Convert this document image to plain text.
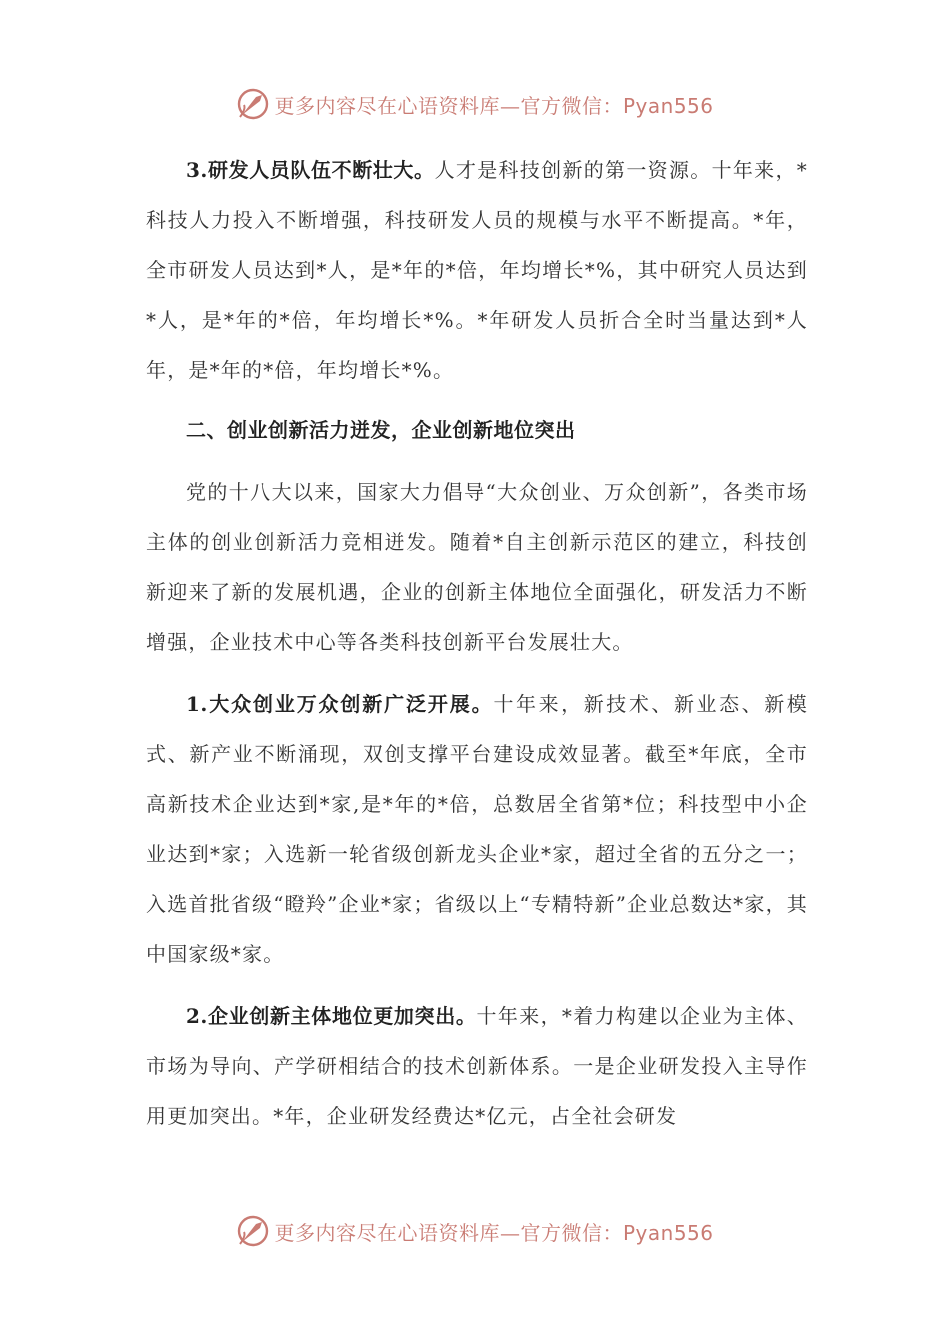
更多内容尽在心语资料库—官方微信：Pyan556

3.研发人员队伍不断壮大。人才是科技创新的第一资源。十年来，*科技人力投入不断增强，科技研发人员的规模与水平不断提高。*年，全市研发人员达到*人，是*年的*倍，年均增长*%，其中研究人员达到*人，是*年的*倍，年均增长*%。*年研发人员折合全时当量达到*人年，是*年的*倍，年均增长*%。

二、创业创新活力迸发，企业创新地位突出

党的十八大以来，国家大力倡导“大众创业、万众创新”，各类市场主体的创业创新活力竞相迸发。随着*自主创新示范区的建立，科技创新迎来了新的发展机遇，企业的创新主体地位全面强化，研发活力不断增强，企业技术中心等各类科技创新平台发展壮大。

1.大众创业万众创新广泛开展。十年来，新技术、新业态、新模式、新产业不断涌现，双创支撑平台建设成效显著。截至*年底，全市高新技术企业达到*家,是*年的*倍，总数居全省第*位；科技型中小企业达到*家；入选新一轮省级创新龙头企业*家，超过全省的五分之一；入选首批省级“瞪羚”企业*家；省级以上“专精特新”企业总数达*家，其中国家级*家。

2.企业创新主体地位更加突出。十年来，*着力构建以企业为主体、市场为导向、产学研相结合的技术创新体系。一是企业研发投入主导作用更加突出。*年，企业研发经费达*亿元，占全社会研发

更多内容尽在心语资料库—官方微信：Pyan556
